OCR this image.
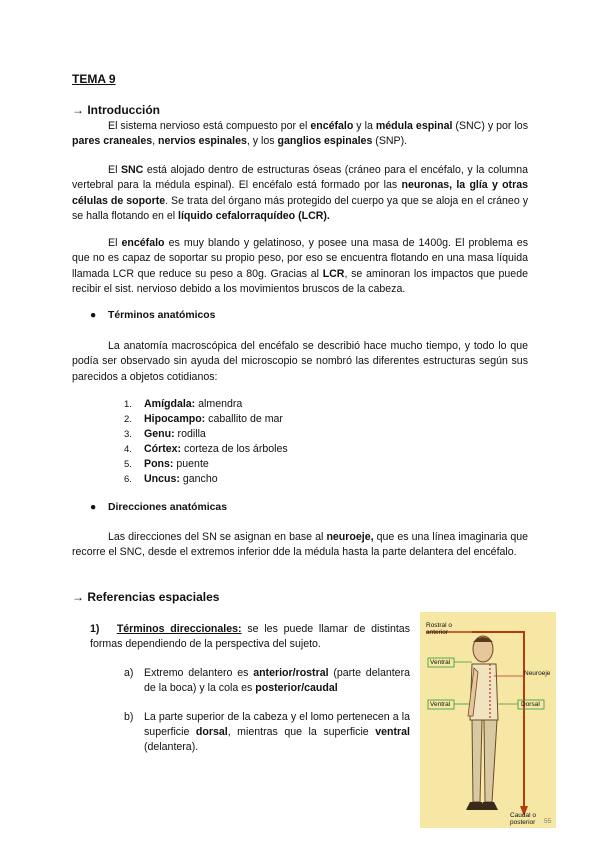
TEMA 9
→ Introducción
El sistema nervioso está compuesto por el encéfalo y la médula espinal (SNC) y por los pares craneales, nervios espinales, y los ganglios espinales (SNP).
El SNC está alojado dentro de estructuras óseas (cráneo para el encéfalo, y la columna vertebral para la médula espinal). El encéfalo está formado por las neuronas, la glía y otras células de soporte. Se trata del órgano más protegido del cuerpo ya que se aloja en el cráneo y se halla flotando en el líquido cefalorraquídeo (LCR).
El encéfalo es muy blando y gelatinoso, y posee una masa de 1400g. El problema es que no es capaz de soportar su propio peso, por eso se encuentra flotando en una masa líquida llamada LCR que reduce su peso a 80g. Gracias al LCR, se aminoran los impactos que puede recibir el sist. nervioso debido a los movimientos bruscos de la cabeza.
● Términos anatómicos
La anatomía macroscópica del encéfalo se describió hace mucho tiempo, y todo lo que podía ser observado sin ayuda del microscopio se nombró las diferentes estructuras según sus parecidos a objetos cotidianos:
1. Amígdala: almendra
2. Hipocampo: caballito de mar
3. Genu: rodilla
4. Córtex: corteza de los árboles
5. Pons: puente
6. Uncus: gancho
● Direcciones anatómicas
Las direcciones del SN se asignan en base al neuroeje, que es una línea imaginaria que recorre el SNC, desde el extremos inferior dde la médula hasta la parte delantera del encéfalo.
→ Referencias espaciales
1) Términos direccionales: se les puede llamar de distintas formas dependiendo de la perspectiva del sujeto.
a) Extremo delantero es anterior/rostral (parte delantera de la boca) y la cola es posterior/caudal
b) La parte superior de la cabeza y el lomo pertenecen a la superficie dorsal, mientras que la superficie ventral (delantera).
Rostral o anterior
Ventral
Ventral
Neuroeje
Dorsal
Caudal o posterior	55
